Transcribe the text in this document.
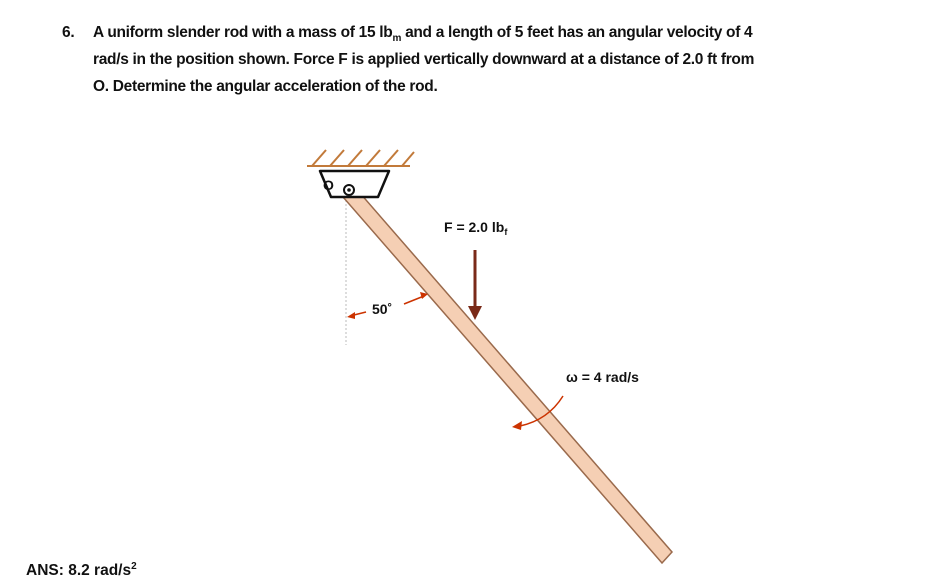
6. A uniform slender rod with a mass of 15 $lb_m$ and a length of 5 feet has an angular velocity of 4
rad/s in the position shown. Force F is applied vertically downward at a distance of 2.0 ft from
O. Determine the angular acceleration of the rod.
O
F = 2.0 $lb_f$
50˚
ω = 4 rad/s
ANS: 8.2 rad/$s^2$
